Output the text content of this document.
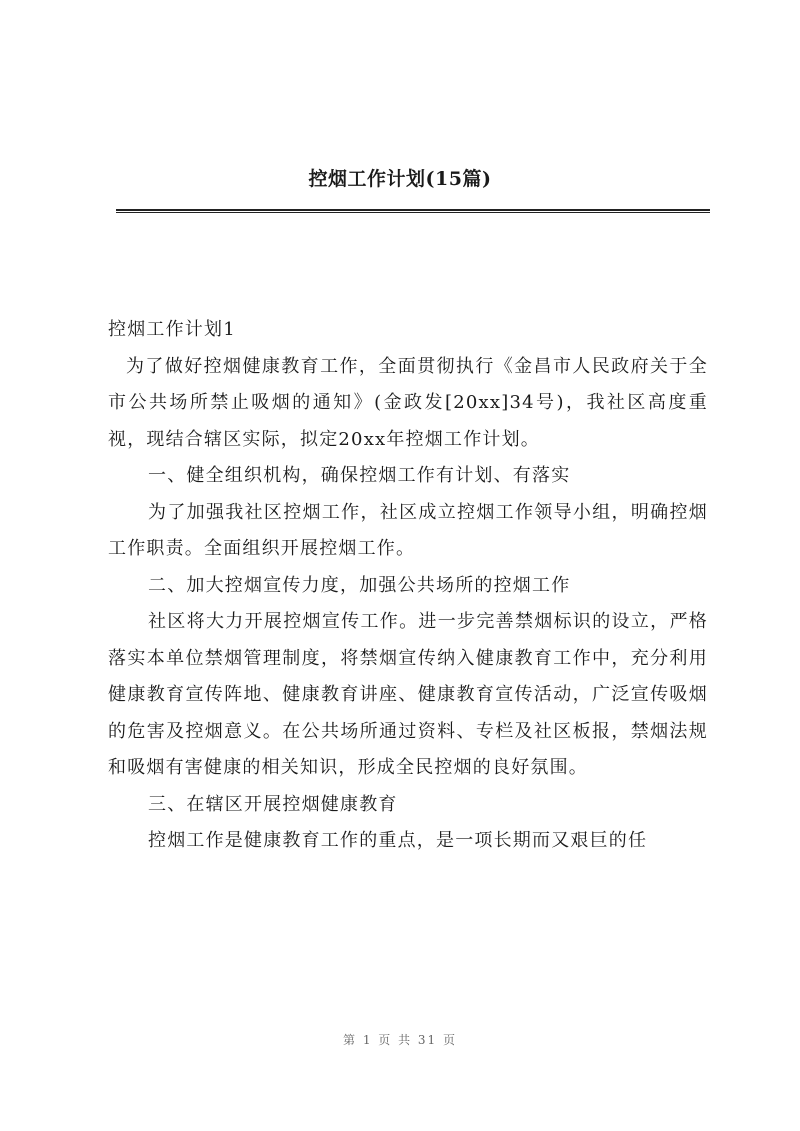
控烟工作计划(15篇)

控烟工作计划1

为了做好控烟健康教育工作，全面贯彻执行《金昌市人民政府关于全市公共场所禁止吸烟的通知》(金政发[20xx]34号)，我社区高度重视，现结合辖区实际，拟定20xx年控烟工作计划。

一、健全组织机构，确保控烟工作有计划、有落实

为了加强我社区控烟工作，社区成立控烟工作领导小组，明确控烟工作职责。全面组织开展控烟工作。

二、加大控烟宣传力度，加强公共场所的控烟工作

社区将大力开展控烟宣传工作。进一步完善禁烟标识的设立，严格落实本单位禁烟管理制度，将禁烟宣传纳入健康教育工作中，充分利用健康教育宣传阵地、健康教育讲座、健康教育宣传活动，广泛宣传吸烟的危害及控烟意义。在公共场所通过资料、专栏及社区板报，禁烟法规和吸烟有害健康的相关知识，形成全民控烟的良好氛围。

三、在辖区开展控烟健康教育

控烟工作是健康教育工作的重点，是一项长期而又艰巨的任

第 1 页 共 31 页
